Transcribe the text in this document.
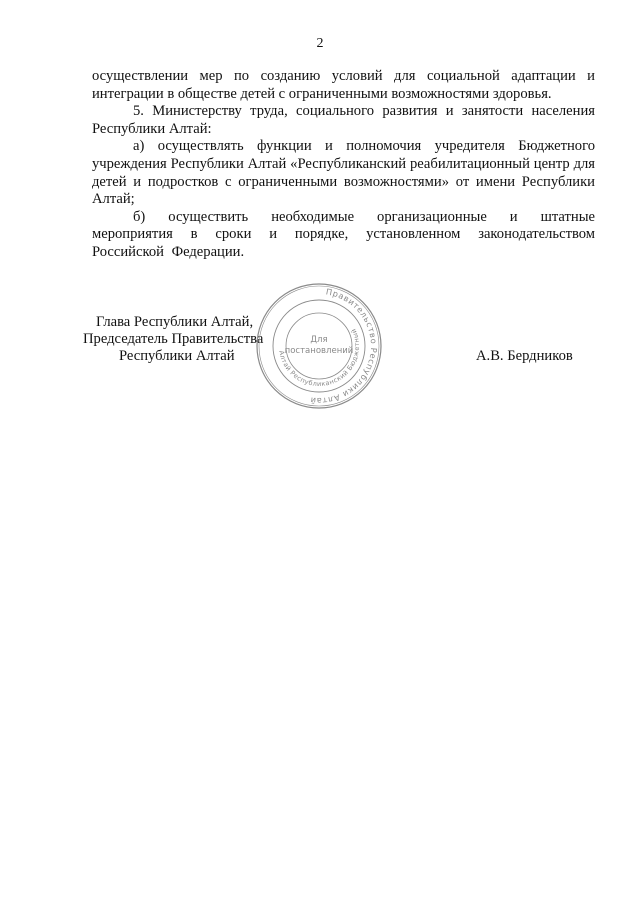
2

осуществлении мер по созданию условий для социальной адаптации и интеграции в обществе детей с ограниченными возможностями здоровья.

5. Министерству труда, социального развития и занятости населения Республики Алтай:

а) осуществлять функции и полномочия учредителя Бюджетного учреждения Республики Алтай «Республиканский реабилитационный центр для детей и подростков с ограниченными возможностями» от имени Республики Алтай;

б) осуществить необходимые организационные и штатные мероприятия в сроки и порядке, установленном законодательством Российской Федерации.

Глава Республики Алтай,
Председатель Правительства
Республики Алтай	А.В. Бердников
Правительство Республики Алтай
Алтай Республиканский Бюджетный
Для
постановлений
